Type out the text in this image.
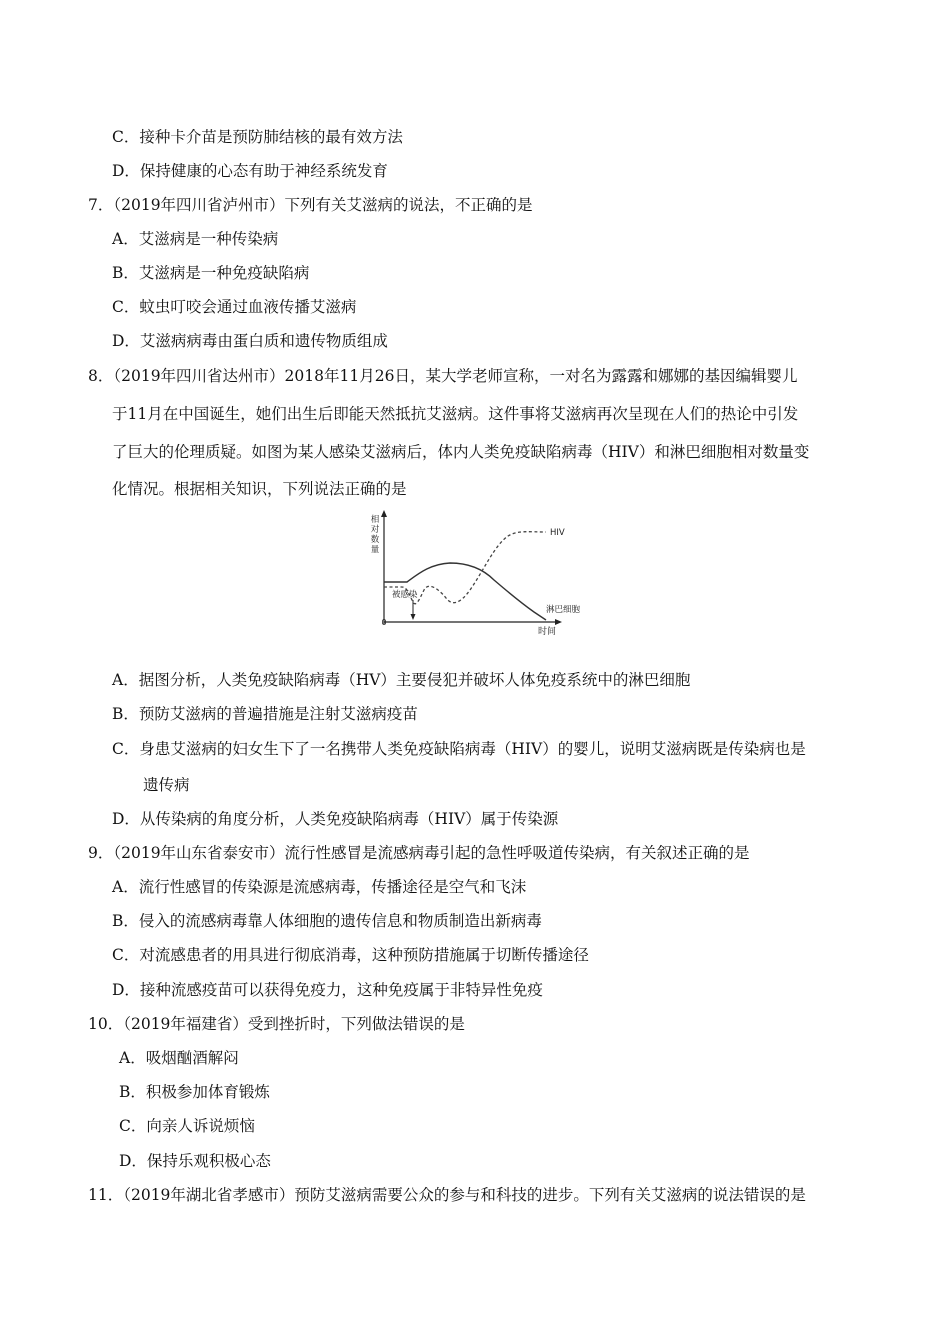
C．接种卡介苗是预防肺结核的最有效方法
D．保持健康的心态有助于神经系统发育
7．（2019年四川省泸州市）下列有关艾滋病的说法，不正确的是
A．艾滋病是一种传染病
B．艾滋病是一种免疫缺陷病
C．蚊虫叮咬会通过血液传播艾滋病
D．艾滋病病毒由蛋白质和遗传物质组成
8．（2019年四川省达州市）2018年11月26日，某大学老师宣称，一对名为露露和娜娜的基因编辑婴儿
于11月在中国诞生，她们出生后即能天然抵抗艾滋病。这件事将艾滋病再次呈现在人们的热论中引发
了巨大的伦理质疑。如图为某人感染艾滋病后，体内人类免疫缺陷病毒（HIV）和淋巴细胞相对数量变
化情况。根据相关知识，下列说法正确的是
相
对
数
量
0
时间
HIV
淋巴细胞
被感染
A．据图分析，人类免疫缺陷病毒（HV）主要侵犯并破坏人体免疫系统中的淋巴细胞
B．预防艾滋病的普遍措施是注射艾滋病疫苗
C．身患艾滋病的妇女生下了一名携带人类免疫缺陷病毒（HIV）的婴儿，说明艾滋病既是传染病也是
遗传病
D．从传染病的角度分析，人类免疫缺陷病毒（HIV）属于传染源
9．（2019年山东省泰安市）流行性感冒是流感病毒引起的急性呼吸道传染病，有关叙述正确的是
A．流行性感冒的传染源是流感病毒，传播途径是空气和飞沫
B．侵入的流感病毒靠人体细胞的遗传信息和物质制造出新病毒
C．对流感患者的用具进行彻底消毒，这种预防措施属于切断传播途径
D．接种流感疫苗可以获得免疫力，这种免疫属于非特异性免疫
10．（2019年福建省）受到挫折时，下列做法错误的是
A．吸烟酗酒解闷
B．积极参加体育锻炼
C．向亲人诉说烦恼
D．保持乐观积极心态
11．（2019年湖北省孝感市）预防艾滋病需要公众的参与和科技的进步。下列有关艾滋病的说法错误的是
